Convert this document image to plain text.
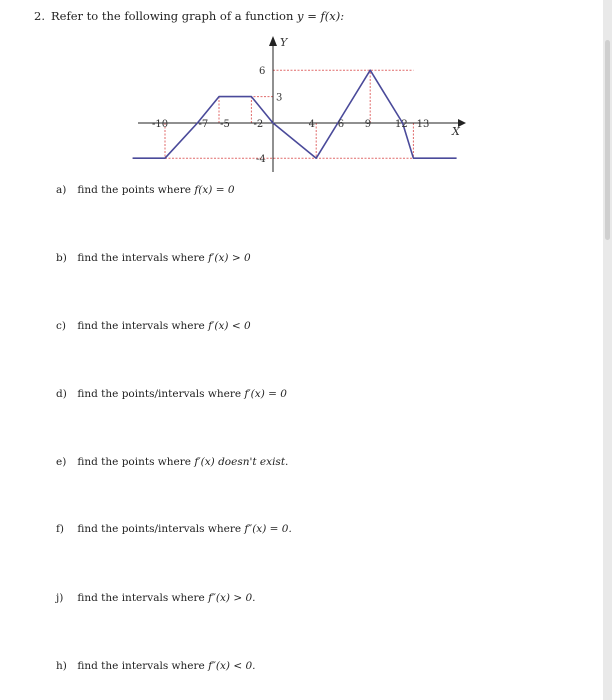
2. Refer to the following graph of a function y = f(x):
-10	-7 -5 -2	4 6 9 12 13
6
3
-4
Y
X
a) find the points where f(x) = 0
b) find the intervals where f′(x) > 0
c) find the intervals where f′(x) < 0
d) find the points/intervals where f′(x) = 0
e) find the points where f′(x) doesn't exist.
f) find the points/intervals where f″(x) = 0.
j) find the intervals where f″(x) > 0.
h) find the intervals where f″(x) < 0.
